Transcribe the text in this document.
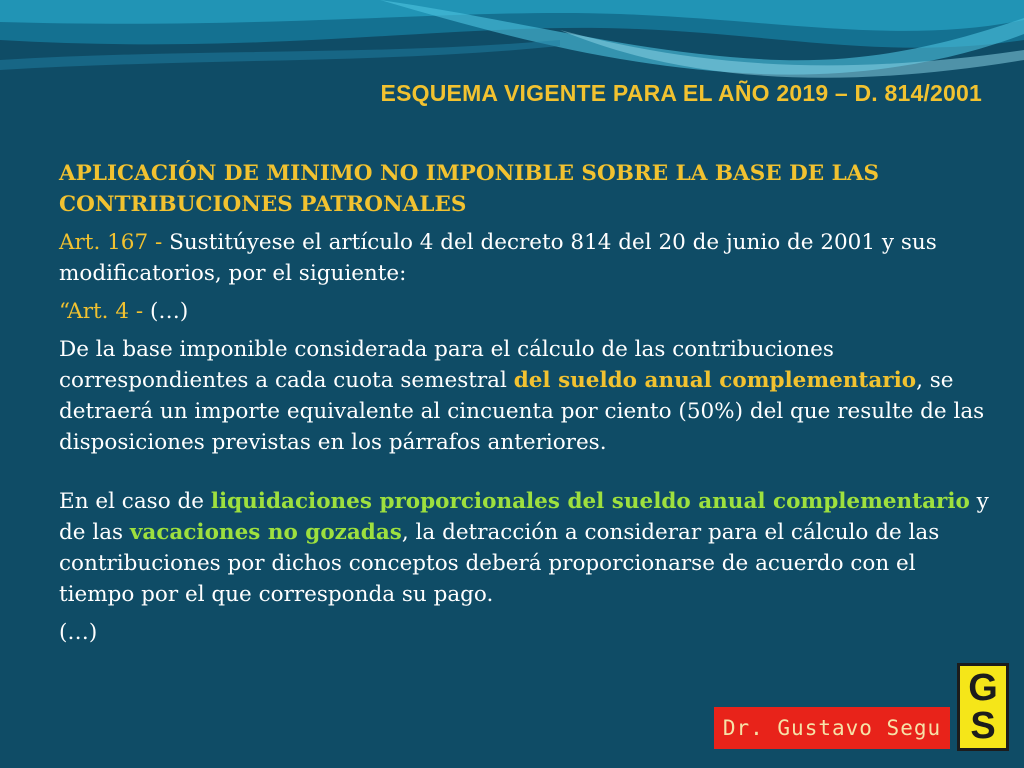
ESQUEMA VIGENTE PARA EL AÑO 2019 – D. 814/2001

APLICACIÓN DE MINIMO NO IMPONIBLE SOBRE LA BASE DE LAS CONTRIBUCIONES PATRONALES

Art. 167 - Sustitúyese el artículo 4 del decreto 814 del 20 de junio de 2001 y sus modificatorios, por el siguiente:

“Art. 4 - (…)

De la base imponible considerada para el cálculo de las contribuciones correspondientes a cada cuota semestral del sueldo anual complementario, se detraerá un importe equivalente al cincuenta por ciento (50%) del que resulte de las disposiciones previstas en los párrafos anteriores.

En el caso de liquidaciones proporcionales del sueldo anual complementario y de las vacaciones no gozadas, la detracción a considerar para el cálculo de las contribuciones por dichos conceptos deberá proporcionarse de acuerdo con el tiempo por el que corresponda su pago.

(…)

Dr. Gustavo Segu
G
S
